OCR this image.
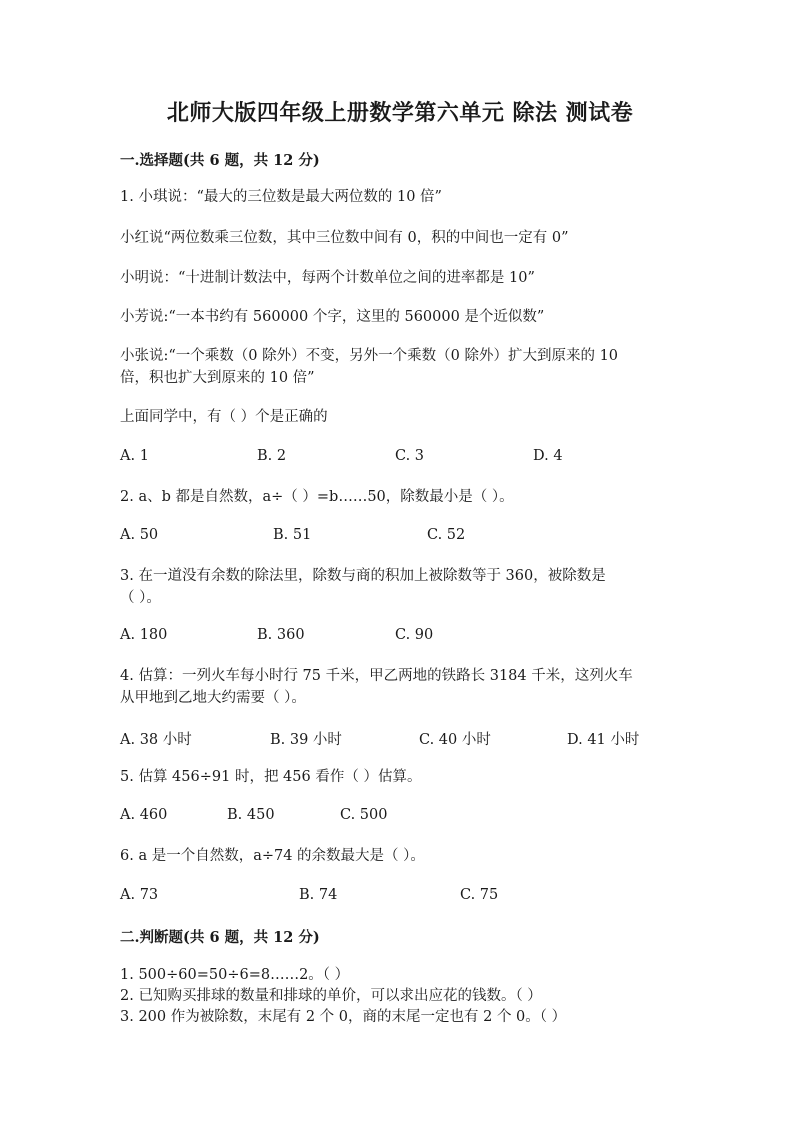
北师大版四年级上册数学第六单元 除法 测试卷
一.选择题(共 6 题，共 12 分)
1. 小琪说：“最大的三位数是最大两位数的 10 倍”
小红说“两位数乘三位数，其中三位数中间有 0，积的中间也一定有 0”
小明说：“十进制计数法中，每两个计数单位之间的进率都是 10”
小芳说:“一本书约有 560000 个字，这里的 560000 是个近似数”
小张说:“一个乘数（0 除外）不变，另外一个乘数（0 除外）扩大到原来的 10
倍，积也扩大到原来的 10 倍”
上面同学中，有（ ）个是正确的
A. 1	B. 2	C. 3	D. 4
2. a、b 都是自然数，a÷（ ）=b……50，除数最小是（ ）。
A. 50	B. 51	C. 52
3. 在一道没有余数的除法里，除数与商的积加上被除数等于 360，被除数是
（ ）。
A. 180	B. 360	C. 90
4. 估算：一列火车每小时行 75 千米，甲乙两地的铁路长 3184 千米，这列火车
从甲地到乙地大约需要（ ）。
A. 38 小时	B. 39 小时	C. 40 小时	D. 41 小时
5. 估算 456÷91 时，把 456 看作（ ）估算。
A. 460	B. 450	C. 500
6. a 是一个自然数，a÷74 的余数最大是（ ）。
A. 73	B. 74	C. 75
二.判断题(共 6 题，共 12 分)
1. 500÷60=50÷6=8……2。（ ）
2. 已知购买排球的数量和排球的单价，可以求出应花的钱数。（ ）
3. 200 作为被除数，末尾有 2 个 0，商的末尾一定也有 2 个 0。（ ）
